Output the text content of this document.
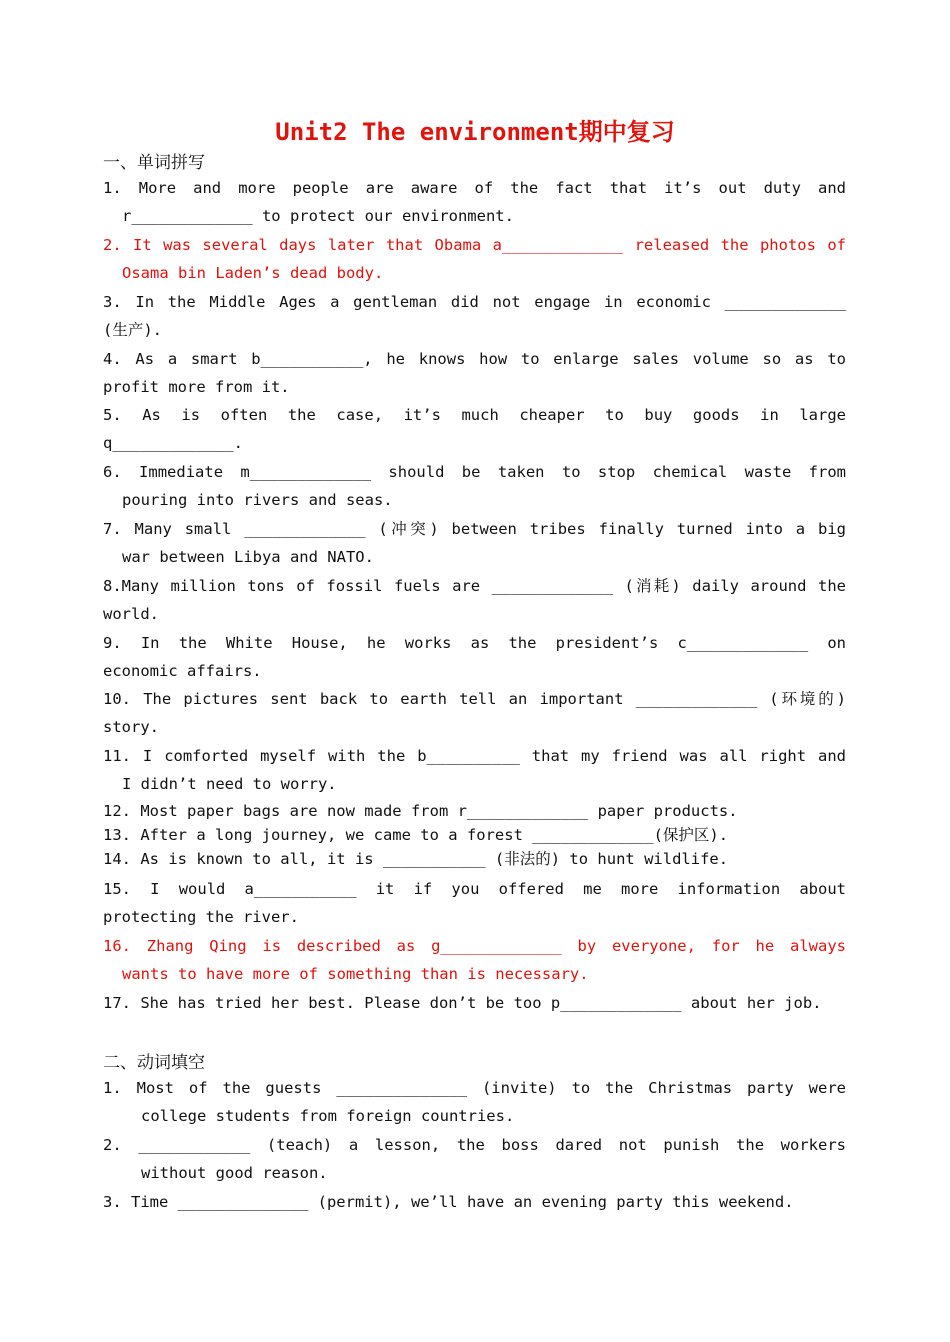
Unit2 The environment期中复习
一、单词拼写
1. More and more people are aware of the fact that it’s out duty and
r_____________ to protect our environment.
2. It was several days later that Obama a_____________ released the photos of
Osama bin Laden’s dead body.
3. In the Middle Ages a gentleman did not engage in economic _____________
(生产).
4. As a smart b___________, he knows how to enlarge sales volume so as to
profit more from it.
5. As is often the case, it’s much cheaper to buy goods in large
q_____________.
6. Immediate m_____________ should be taken to stop chemical waste from
pouring into rivers and seas.
7. Many small _____________ (冲突) between tribes finally turned into a big
war between Libya and NATO.
8.Many million tons of fossil fuels are _____________ (消耗) daily around the
world.
9. In the White House, he works as the president’s c_____________ on
economic affairs.
10. The pictures sent back to earth tell an important _____________ (环境的)
story.
11. I comforted myself with the b__________ that my friend was all right and
I didn’t need to worry.
12. Most paper bags are now made from r_____________ paper products.
13. After a long journey, we came to a forest _____________(保护区).
14. As is known to all, it is ___________ (非法的) to hunt wildlife.
15. I would a___________ it if you offered me more information about
protecting the river.
16. Zhang Qing is described as g_____________ by everyone, for he always
wants to have more of something than is necessary.
17. She has tried her best. Please don’t be too p_____________ about her job.
二、动词填空
1. Most of the guests ______________ (invite) to the Christmas party were
college students from foreign countries.
2. ____________ (teach) a lesson, the boss dared not punish the workers
without good reason.
3. Time ______________ (permit), we’ll have an evening party this weekend.
